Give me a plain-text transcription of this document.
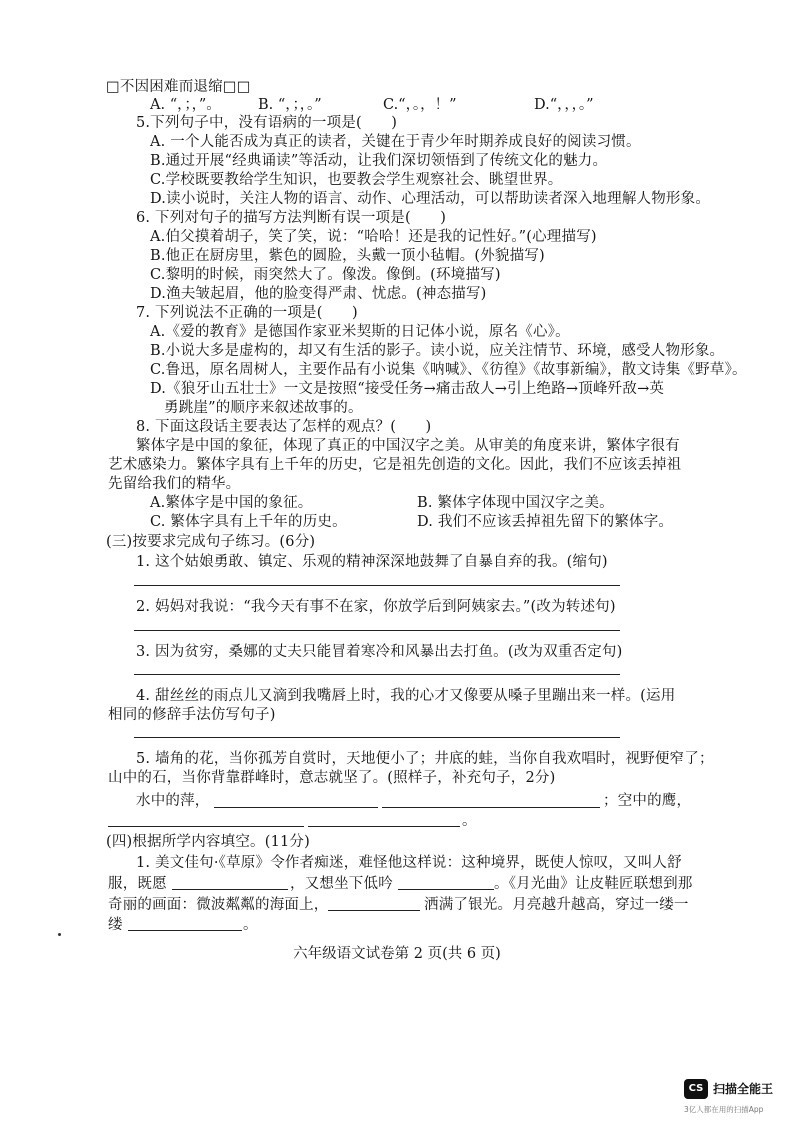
□不因困难而退缩□□
A. “，；，”。	B. “，；，。”	C.“，。，！”	D.“，，，。”
5.下列句子中，没有语病的一项是(　　)
A. 一个人能否成为真正的读者，关键在于青少年时期养成良好的阅读习惯。
B.通过开展“经典诵读”等活动，让我们深切领悟到了传统文化的魅力。
C.学校既要教给学生知识，也要教会学生观察社会、眺望世界。
D.读小说时，关注人物的语言、动作、心理活动，可以帮助读者深入地理解人物形象。
6. 下列对句子的描写方法判断有误一项是(　　)
A.伯父摸着胡子，笑了笑，说：“哈哈！还是我的记性好。”(心理描写)
B.他正在厨房里，紫色的圆脸，头戴一顶小毡帽。(外貌描写)
C.黎明的时候，雨突然大了。像泼。像倒。(环境描写)
D.渔夫皱起眉，他的脸变得严肃、忧虑。(神态描写)
7. 下列说法不正确的一项是(　　)
A.《爱的教育》是德国作家亚米契斯的日记体小说，原名《心》。
B.小说大多是虚构的，却又有生活的影子。读小说，应关注情节、环境，感受人物形象。
C.鲁迅，原名周树人，主要作品有小说集《呐喊》、《彷徨》《故事新编》，散文诗集《野草》。
D.《狼牙山五壮士》一文是按照“接受任务→痛击敌人→引上绝路→顶峰歼敌→英
勇跳崖”的顺序来叙述故事的。
8. 下面这段话主要表达了怎样的观点？(　　)
繁体字是中国的象征，体现了真正的中国汉字之美。从审美的角度来讲，繁体字很有
艺术感染力。繁体字具有上千年的历史，它是祖先创造的文化。因此，我们不应该丢掉祖
先留给我们的精华。
A.繁体字是中国的象征。	B. 繁体字体现中国汉字之美。
C. 繁体字具有上千年的历史。	D. 我们不应该丢掉祖先留下的繁体字。
(三)按要求完成句子练习。(6分)
1. 这个姑娘勇敢、镇定、乐观的精神深深地鼓舞了自暴自弃的我。(缩句)
2. 妈妈对我说：“我今天有事不在家，你放学后到阿姨家去。”(改为转述句)
3. 因为贫穷，桑娜的丈夫只能冒着寒冷和风暴出去打鱼。(改为双重否定句)
4. 甜丝丝的雨点儿又滴到我嘴唇上时，我的心才又像要从嗓子里蹦出来一样。(运用
相同的修辞手法仿写句子)
5. 墙角的花，当你孤芳自赏时，天地便小了；井底的蛙，当你自我欢唱时，视野便窄了；
山中的石，当你背靠群峰时，意志就坚了。(照样子，补充句子，2分)
水中的萍，	；空中的鹰，
。
(四)根据所学内容填空。(11分)
1. 美文佳句·《草原》令作者痴迷，难怪他这样说：这种境界，既使人惊叹，又叫人舒
服，既愿	，又想坐下低吟	。《月光曲》让皮鞋匠联想到那
奇丽的画面：微波粼粼的海面上，	洒满了银光。月亮越升越高，穿过一缕一
缕	。
六年级语文试卷第 2 页(共 6 页)
CS 扫描全能王
3亿人都在用的扫描App
